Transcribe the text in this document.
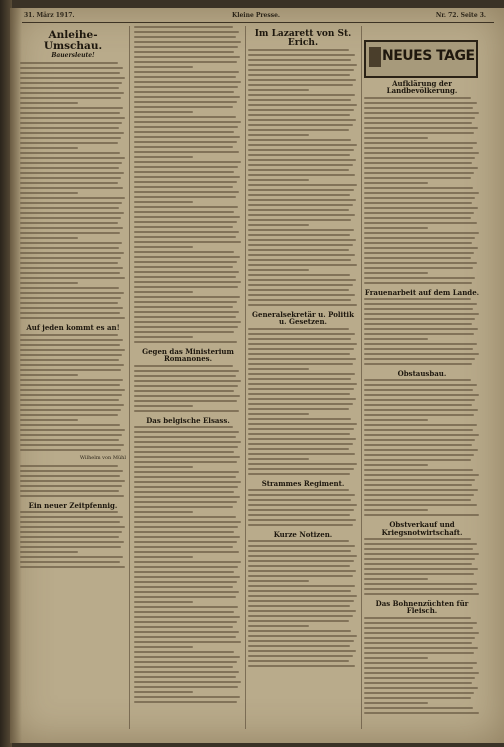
31. März 1917.	Kleine Presse.	Nr. 72. Seite 3.

Anleihe-Umschau.

Bauersleute!

Auf jeden kommt es an!

Wilhelm von Mühl

Ein neuer Zeitpfennig.

Gegen das Ministerium Romanones.

Das belgische Elsass.

Im Lazarett von St. Erich.

Generalsekretär u. Politik u. Gesetzen.

Strammes Regiment.

Kurze Notizen.

NEUES TAGE

Aufklärung der Landbevölkerung.

Frauenarbeit auf dem Lande.

Obstausbau.

Obstverkauf und Kriegsnotwirtschaft.

Das Bohnenzüchten für Fleisch.
